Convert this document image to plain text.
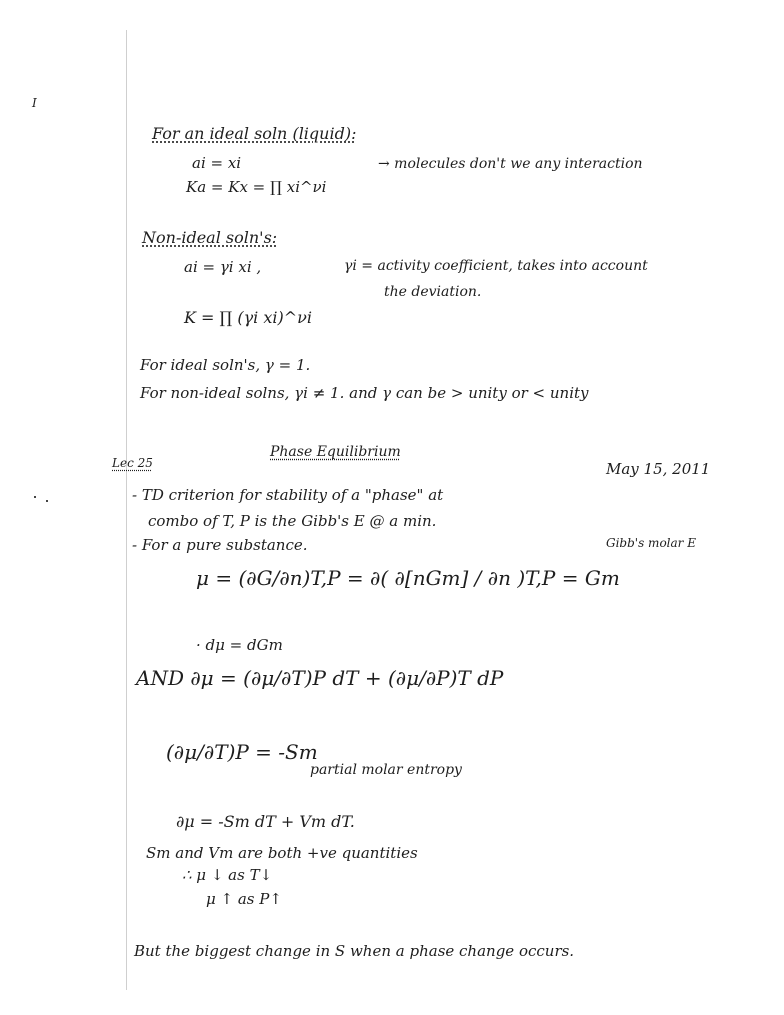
I
For an ideal soln (liquid):
ai = xi	→ molecules don't we any interaction
Ka = Kx = ∏ xi^νi
Non-ideal soln's:
ai = γi xi ,	γi = activity coefficient, takes into account
the deviation.
K = ∏ (γi xi)^νi
For ideal soln's, γ = 1.
For non-ideal solns, γi ≠ 1. and γ can be > unity or < unity
Phase Equilibrium
Lec 25	May 15, 2011
- TD criterion for stability of a "phase" at
combo of T, P is the Gibb's E @ a min.
- For a pure substance.	Gibb's molar E
μ = (∂G/∂n)T,P = ∂( ∂[nGm] / ∂n )T,P = Gm
· dμ = dGm
AND ∂μ = (∂μ/∂T)P dT + (∂μ/∂P)T dP
(∂μ/∂T)P = -Sm
partial molar entropy
∂μ = -Sm dT + Vm dT.
Sm and Vm are both +ve quantities
∴ μ ↓ as T↓
μ ↑ as P↑
But the biggest change in S when a phase change occurs.
